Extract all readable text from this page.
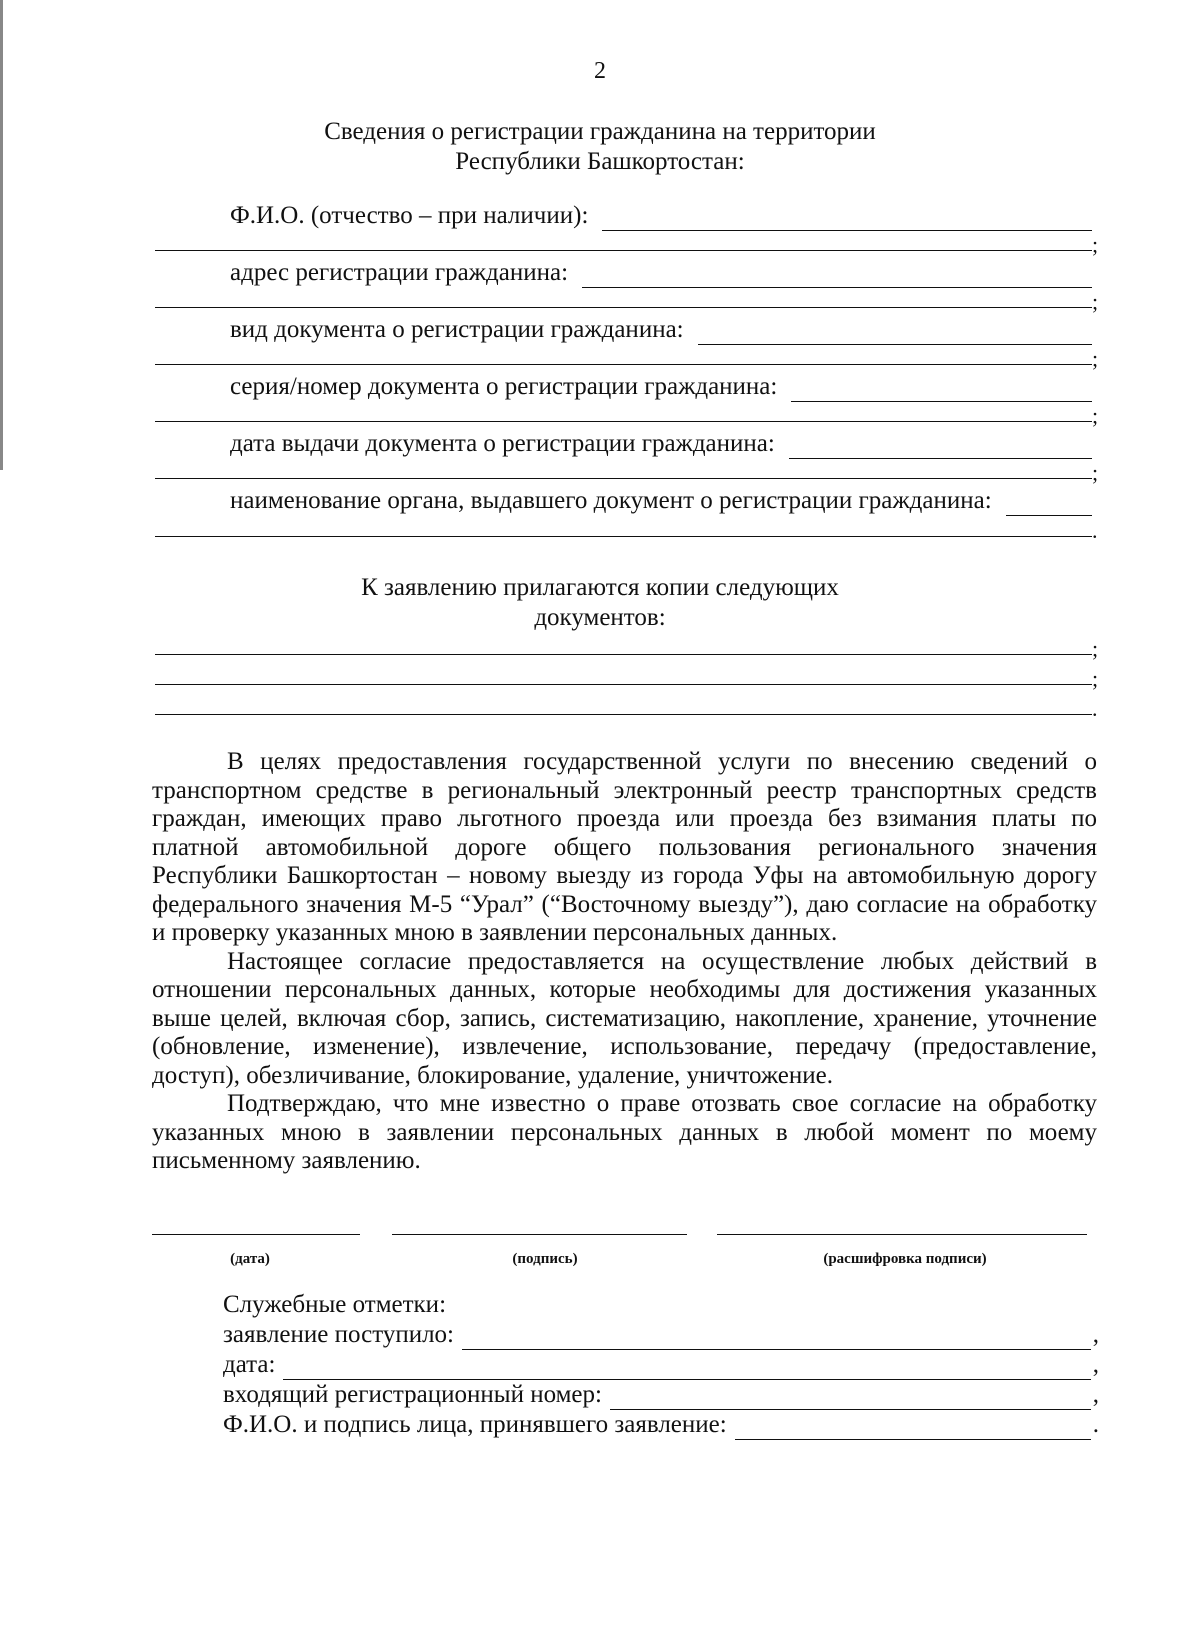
2
Сведения о регистрации гражданина на территории
Республики Башкортостан:
Ф.И.О. (отчество – при наличии):
;
адрес регистрации гражданина:
;
вид документа о регистрации гражданина:
;
серия/номер документа о регистрации гражданина:
;
дата выдачи документа о регистрации гражданина:
;
наименование органа, выдавшего документ о регистрации гражданина:
.
К заявлению прилагаются копии следующих
документов:
;
;
.

В целях предоставления государственной услуги по внесению сведений о транспортном средстве в региональный электронный реестр транспортных средств граждан, имеющих право льготного проезда или проезда без взимания платы по платной автомобильной дороге общего пользования регионального значения Республики Башкортостан – новому выезду из города Уфы на автомобильную дорогу федерального значения М-5 “Урал” (“Восточному выезду”), даю согласие на обработку и проверку указанных мною в заявлении персональных данных.

Настоящее согласие предоставляется на осуществление любых действий в отношении персональных данных, которые необходимы для достижения указанных выше целей, включая сбор, запись, систематизацию, накопление, хранение, уточнение (обновление, изменение), извлечение, использование, передачу (предоставление, доступ), обезличивание, блокирование, удаление, уничтожение.

Подтверждаю, что мне известно о праве отозвать свое согласие на обработку указанных мною в заявлении персональных данных в любой момент по моему письменному заявлению.

(дата)	(подпись)	(расшифровка подписи)
Служебные отметки:
заявление поступило:	,
дата:	,
входящий регистрационный номер:	,
Ф.И.О. и подпись лица, принявшего заявление:	.
